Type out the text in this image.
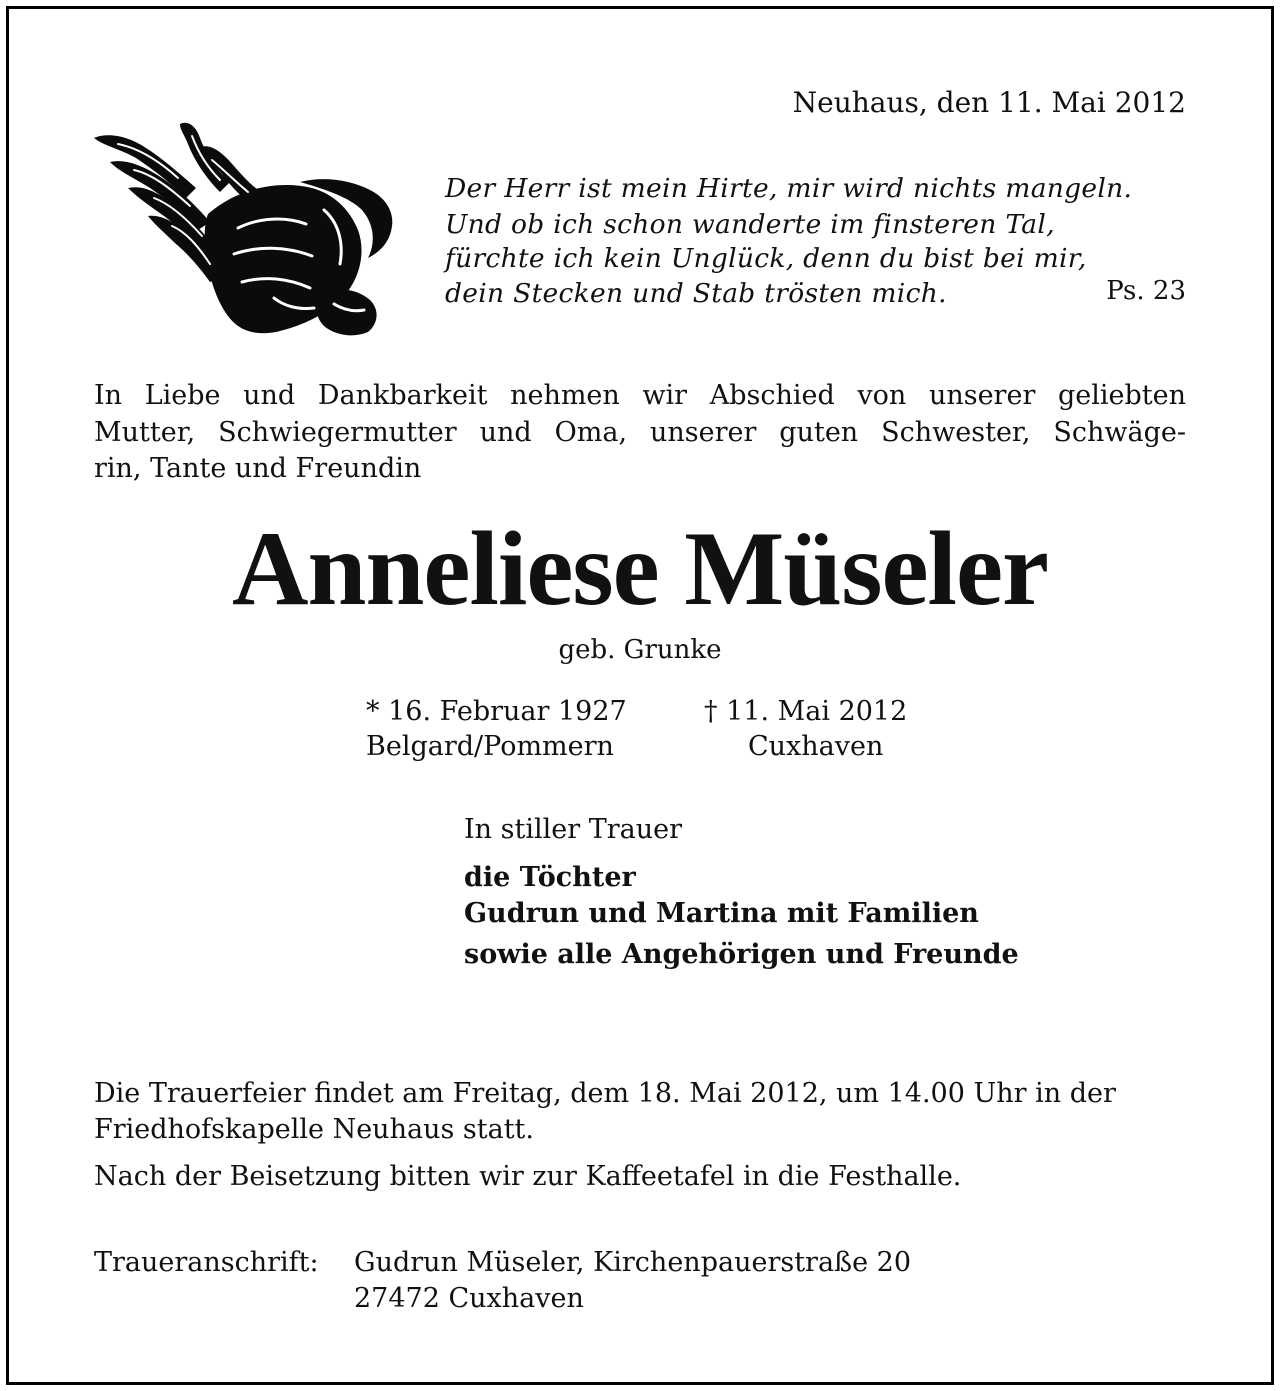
Neuhaus, den 11. Mai 2012
Der Herr ist mein Hirte, mir wird nichts mangeln.
Und ob ich schon wanderte im finsteren Tal,
fürchte ich kein Unglück, denn du bist bei mir,
dein Stecken und Stab trösten mich.	Ps. 23
In Liebe und Dankbarkeit nehmen wir Abschied von unserer geliebten
Mutter, Schwiegermutter und Oma, unserer guten Schwester, Schwäge-
rin, Tante und Freundin
Anneliese Müseler
geb. Grunke
* 16. Februar 1927
Belgard/Pommern
† 11. Mai 2012
Cuxhaven
In stiller Trauer
die Töchter
Gudrun und Martina mit Familien
sowie alle Angehörigen und Freunde
Die Trauerfeier findet am Freitag, dem 18. Mai 2012, um 14.00 Uhr in der
Friedhofskapelle Neuhaus statt.
Nach der Beisetzung bitten wir zur Kaffeetafel in die Festhalle.
Traueranschrift: Gudrun Müseler, Kirchenpauerstraße 20
27472 Cuxhaven
